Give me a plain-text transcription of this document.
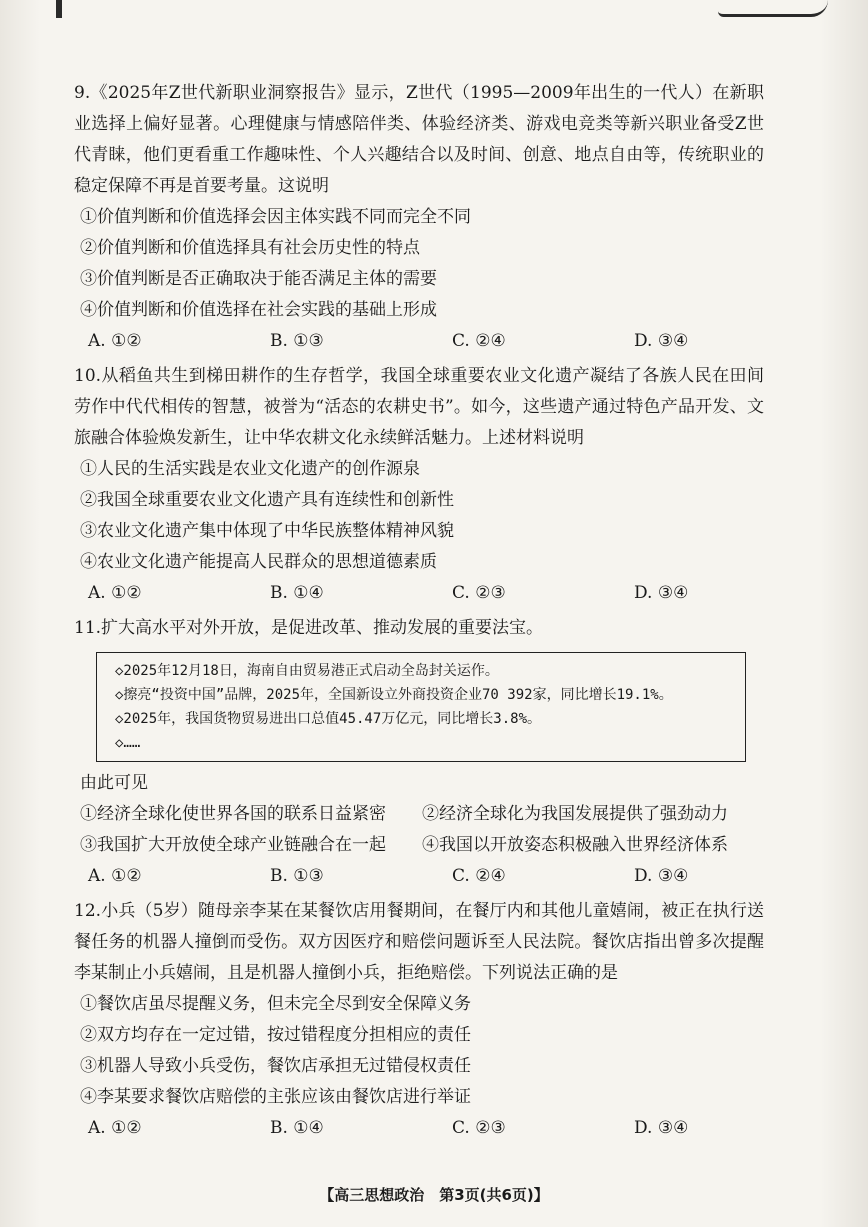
9.《2025年Z世代新职业洞察报告》显示，Z世代（1995—2009年出生的一代人）在新职业选择上偏好显著。心理健康与情感陪伴类、体验经济类、游戏电竞类等新兴职业备受Z世代青睐，他们更看重工作趣味性、个人兴趣结合以及时间、创意、地点自由等，传统职业的稳定保障不再是首要考量。这说明
①价值判断和价值选择会因主体实践不同而完全不同
②价值判断和价值选择具有社会历史性的特点
③价值判断是否正确取决于能否满足主体的需要
④价值判断和价值选择在社会实践的基础上形成
A. ①②	B. ①③	C. ②④	D. ③④
10.从稻鱼共生到梯田耕作的生存哲学，我国全球重要农业文化遗产凝结了各族人民在田间劳作中代代相传的智慧，被誉为“活态的农耕史书”。如今，这些遗产通过特色产品开发、文旅融合体验焕发新生，让中华农耕文化永续鲜活魅力。上述材料说明
①人民的生活实践是农业文化遗产的创作源泉
②我国全球重要农业文化遗产具有连续性和创新性
③农业文化遗产集中体现了中华民族整体精神风貌
④农业文化遗产能提高人民群众的思想道德素质
A. ①②	B. ①④	C. ②③	D. ③④
11.扩大高水平对外开放，是促进改革、推动发展的重要法宝。
◇2025年12月18日，海南自由贸易港正式启动全岛封关运作。
◇擦亮“投资中国”品牌，2025年，全国新设立外商投资企业70 392家，同比增长19.1%。
◇2025年，我国货物贸易进出口总值45.47万亿元，同比增长3.8%。
◇……
由此可见
①经济全球化使世界各国的联系日益紧密	②经济全球化为我国发展提供了强劲动力
③我国扩大开放使全球产业链融合在一起	④我国以开放姿态积极融入世界经济体系
A. ①②	B. ①③	C. ②④	D. ③④
12.小兵（5岁）随母亲李某在某餐饮店用餐期间，在餐厅内和其他儿童嬉闹，被正在执行送餐任务的机器人撞倒而受伤。双方因医疗和赔偿问题诉至人民法院。餐饮店指出曾多次提醒李某制止小兵嬉闹，且是机器人撞倒小兵，拒绝赔偿。下列说法正确的是
①餐饮店虽尽提醒义务，但未完全尽到安全保障义务
②双方均存在一定过错，按过错程度分担相应的责任
③机器人导致小兵受伤，餐饮店承担无过错侵权责任
④李某要求餐饮店赔偿的主张应该由餐饮店进行举证
A. ①②	B. ①④	C. ②③	D. ③④
【高三思想政治　第3页(共6页)】
